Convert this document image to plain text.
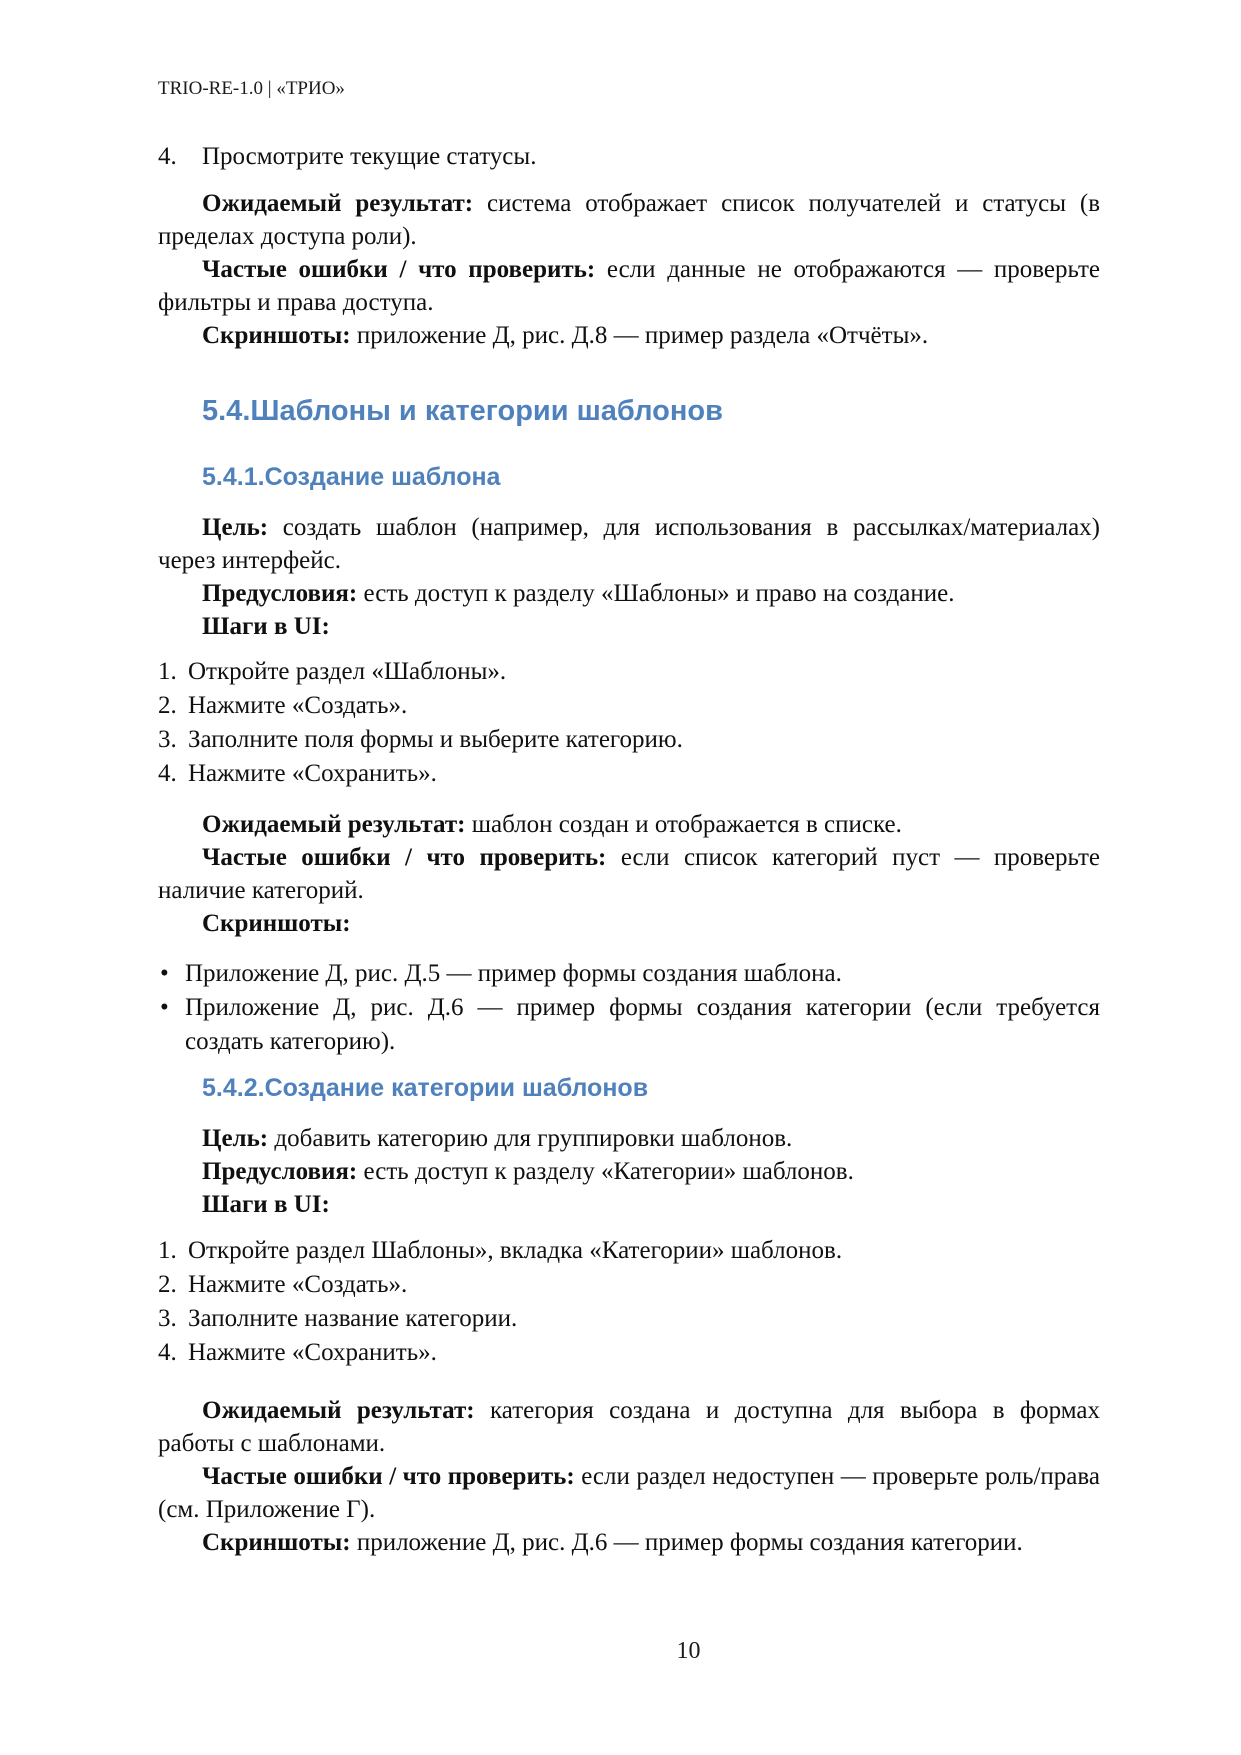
TRIO-RE-1.0 | «ТРИО»
4. Просмотрите текущие статусы.

Ожидаемый результат: система отображает список получателей и статусы (в пределах доступа роли).

Частые ошибки / что проверить: если данные не отображаются — проверьте фильтры и права доступа.

Скриншоты: приложение Д, рис. Д.8 — пример раздела «Отчёты».

5.4.Шаблоны и категории шаблонов
5.4.1.Создание шаблона

Цель: создать шаблон (например, для использования в рассылках/материалах) через интерфейс.

Предусловия: есть доступ к разделу «Шаблоны» и право на создание.

Шаги в UI:

1. Откройте раздел «Шаблоны».
2. Нажмите «Создать».
3. Заполните поля формы и выберите категорию.
4. Нажмите «Сохранить».

Ожидаемый результат: шаблон создан и отображается в списке.

Частые ошибки / что проверить: если список категорий пуст — проверьте наличие категорий.

Скриншоты:

• Приложение Д, рис. Д.5 — пример формы создания шаблона.
• Приложение Д, рис. Д.6 — пример формы создания категории (если требуется создать категорию).
5.4.2.Создание категории шаблонов

Цель: добавить категорию для группировки шаблонов.

Предусловия: есть доступ к разделу «Категории» шаблонов.

Шаги в UI:

1. Откройте раздел Шаблоны», вкладка «Категории» шаблонов.
2. Нажмите «Создать».
3. Заполните название категории.
4. Нажмите «Сохранить».

Ожидаемый результат: категория создана и доступна для выбора в формах работы с шаблонами.

Частые ошибки / что проверить: если раздел недоступен — проверьте роль/права (см. Приложение Г).

Скриншоты: приложение Д, рис. Д.6 — пример формы создания категории.

10
